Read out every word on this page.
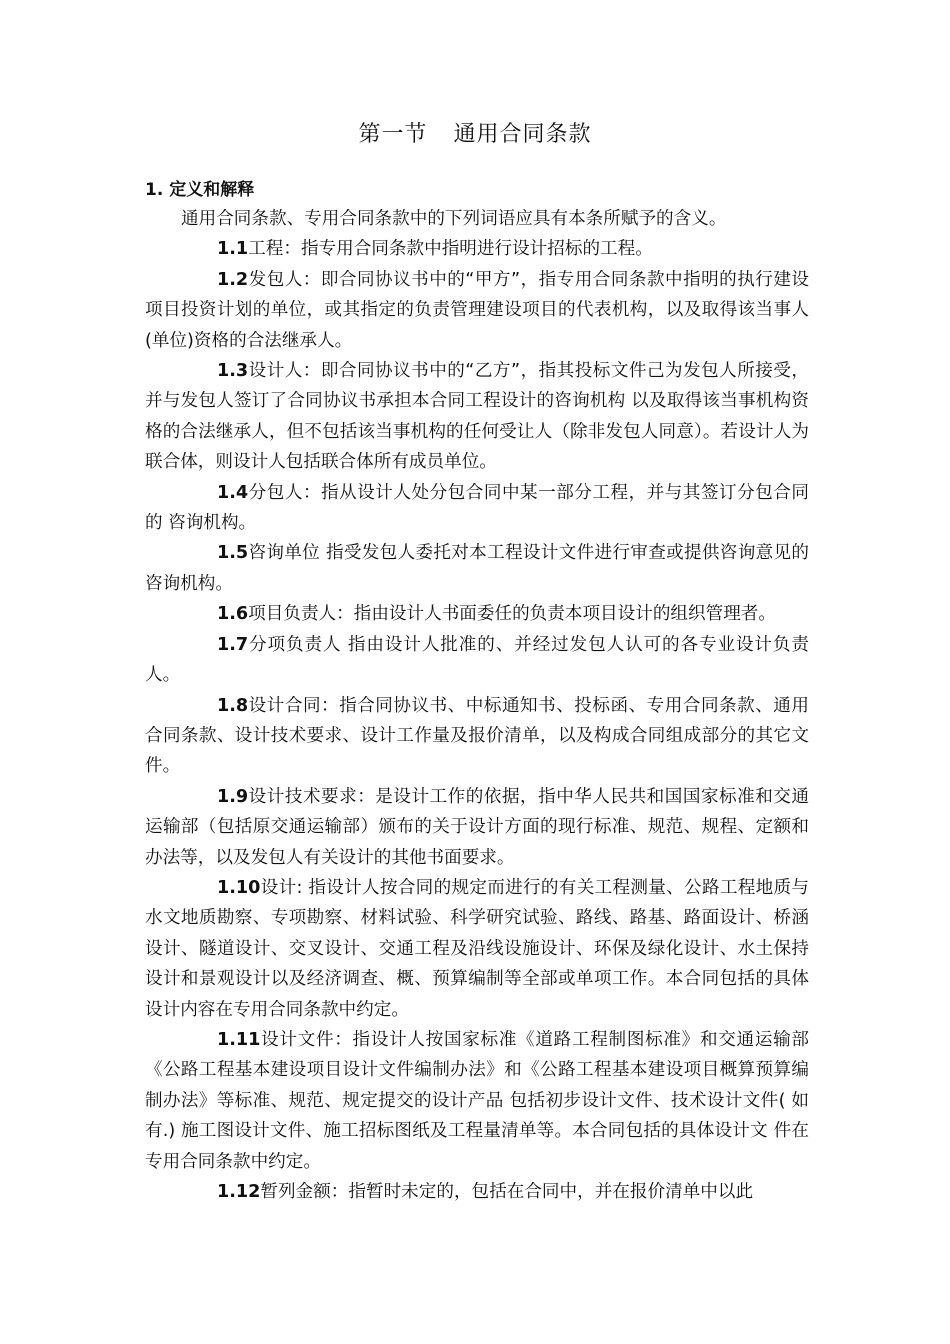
第一节 通用合同条款
1. 定义和解释

通用合同条款、专用合同条款中的下列词语应具有本条所赋予的含义。

1.1工程：指专用合同条款中指明进行设计招标的工程。

1.2发包人：即合同协议书中的“甲方”，指专用合同条款中指明的执行建设项目投资计划的单位，或其指定的负责管理建设项目的代表机构，以及取得该当事人 (单位)资格的合法继承人。

1.3设计人：即合同协议书中的“乙方”，指其投标文件己为发包人所接受，并与发包人签订了合同协议书承担本合同工程设计的咨询机构 以及取得该当事机构资格的合法继承人，但不包括该当事机构的任何受让人（除非发包人同意）。若设计人为联合体，则设计人包括联合体所有成员单位。

1.4分包人：指从设计人处分包合同中某一部分工程，并与其签订分包合同的 咨询机构。

1.5咨询单位 指受发包人委托对本工程设计文件进行审查或提供咨询意见的咨询机构。

1.6项目负责人：指由设计人书面委任的负责本项目设计的组织管理者。

1.7分项负责人 指由设计人批准的、并经过发包人认可的各专业设计负责人。

1.8设计合同：指合同协议书、中标通知书、投标函、专用合同条款、通用合同条款、设计技术要求、设计工作量及报价清单，以及构成合同组成部分的其它文件。

1.9设计技术要求：是设计工作的依据，指中华人民共和国国家标准和交通运输部（包括原交通运输部）颁布的关于设计方面的现行标准、规范、规程、定额和办法等，以及发包人有关设计的其他书面要求。

1.10设计: 指设计人按合同的规定而进行的有关工程测量、公路工程地质与水文地质勘察、专项勘察、材料试验、科学研究试验、路线、路基、路面设计、桥涵设计、隧道设计、交叉设计、交通工程及沿线设施设计、环保及绿化设计、水土保持设计和景观设计以及经济调查、概、预算编制等全部或单项工作。本合同包括的具体设计内容在专用合同条款中约定。

1.11设计文件：指设计人按国家标准《道路工程制图标准》和交通运输部《公路工程基本建设项目设计文件编制办法》和《公路工程基本建设项目概算预算编制办法》等标准、规范、规定提交的设计产品 包括初步设计文件、技术设计文件( 如 有.) 施工图设计文件、施工招标图纸及工程量清单等。本合同包括的具体设计文 件在专用合同条款中约定。

1.12暂列金额：指暂时未定的，包括在合同中，并在报价清单中以此
